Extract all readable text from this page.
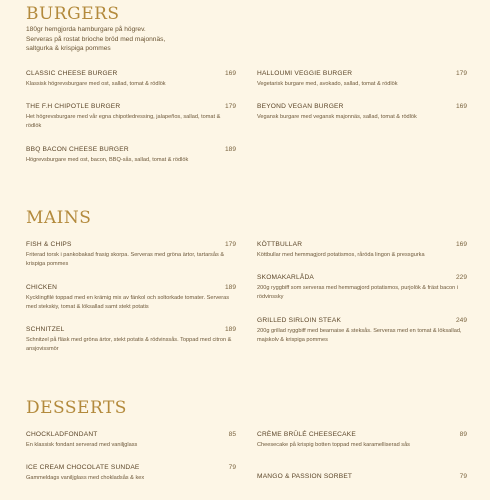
BURGERS
180gr hemgjorda hamburgare på högrev.
Serveras på rostat brioche bröd med majonnäs,
saltgurka & krispiga pommes
CLASSIC CHEESE BURGER	169
Klassisk högrevsburgare med ost, sallad, tomat & rödlök
HALLOUMI VEGGIE BURGER	179
Vegetarisk burgare med, avokado, sallad, tomat & rödlök
THE F.H CHIPOTLE BURGER	179
Het högrevsburgare med vår egna chipotledressing, jalapeños, sallad, tomat & rödlök
BEYOND VEGAN BURGER	169
Vegansk burgare med vegansk majonnäs, sallad, tomat & rödlök
BBQ BACON CHEESE BURGER	189
Högrevsburgare med ost, bacon, BBQ-sås, sallad, tomat & rödlök
MAINS
FISH & CHIPS	179
Friterad torsk i pankobakad frasig skorpa. Serveras med gröna ärtor, tartarsås & krispiga pommes
KÖTTBULLAR	169
Köttbullar med hemmagjord potatismos, råröda lingon & pressgurka
SKOMAKARLÅDA	229
200g ryggbiff som serveras med hemmagjord potatismos, purjolök & fräst bacon i rödvinssky
CHICKEN	189
Kycklingfilé toppad med en krämig mix av fänkol och soltorkade tomater. Serveras med stekskiy, tomat & löksallad samt stekt potatis
GRILLED SIRLOIN STEAK	249
200g grillad ryggbiff med bearnaise & steksås. Serveras med en tomat & löksallad, majskolv & krispiga pommes
SCHNITZEL	189
Schnitzel på fläsk med gröna ärtor, stekt potatis & rödvinssås. Toppad med citron & ansjovissmör
DESSERTS
CHOCKLADFONDANT	85
En klassisk fondant serverad med vaniljglass
CRÈME BRÛLÉ CHEESECAKE	89
Cheesecake på krispig botten toppad med karamelliserad sås
ICE CREAM CHOCOLATE SUNDAE	79
Gammeldags vaniljglass med chokladsås & kex	MANGO & PASSION SORBET	79
